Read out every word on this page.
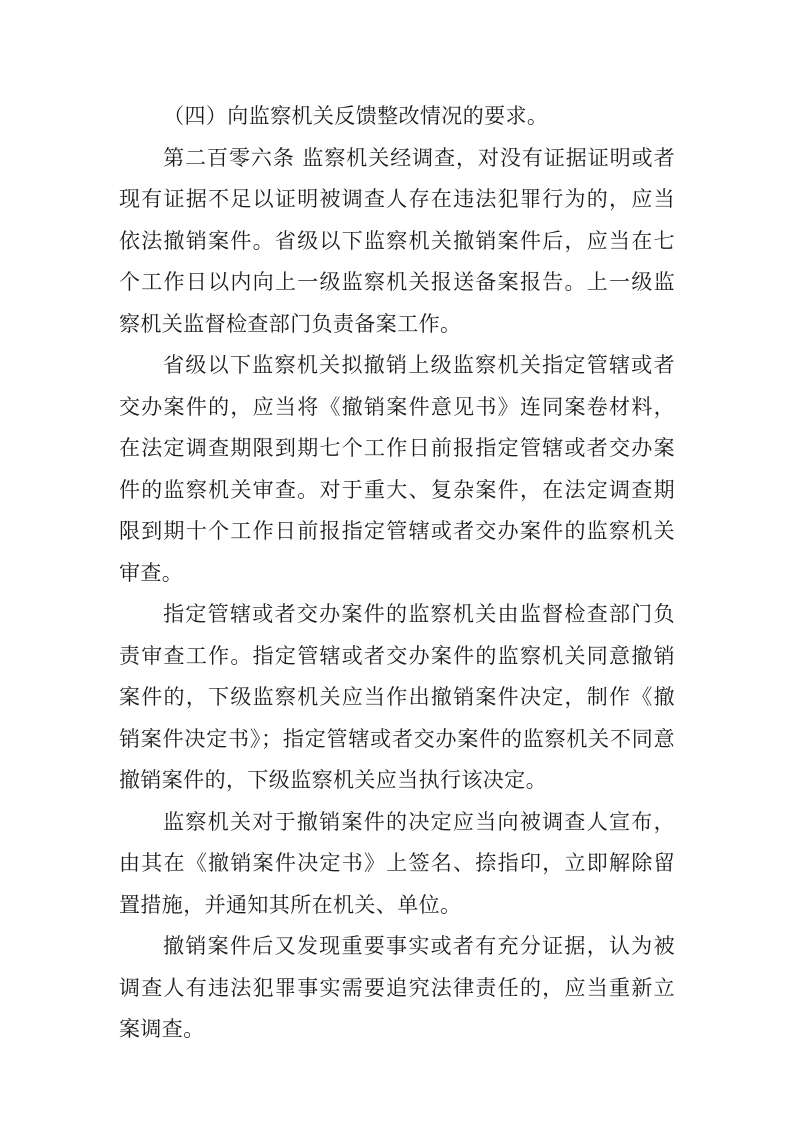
（四）向监察机关反馈整改情况的要求。

第二百零六条 监察机关经调查，对没有证据证明或者现有证据不足以证明被调查人存在违法犯罪行为的，应当依法撤销案件。省级以下监察机关撤销案件后，应当在七个工作日以内向上一级监察机关报送备案报告。上一级监察机关监督检查部门负责备案工作。

省级以下监察机关拟撤销上级监察机关指定管辖或者交办案件的，应当将《撤销案件意见书》连同案卷材料，在法定调查期限到期七个工作日前报指定管辖或者交办案件的监察机关审查。对于重大、复杂案件，在法定调查期限到期十个工作日前报指定管辖或者交办案件的监察机关审查。

指定管辖或者交办案件的监察机关由监督检查部门负责审查工作。指定管辖或者交办案件的监察机关同意撤销案件的，下级监察机关应当作出撤销案件决定，制作《撤销案件决定书》；指定管辖或者交办案件的监察机关不同意撤销案件的，下级监察机关应当执行该决定。

监察机关对于撤销案件的决定应当向被调查人宣布，由其在《撤销案件决定书》上签名、捺指印，立即解除留置措施，并通知其所在机关、单位。

撤销案件后又发现重要事实或者有充分证据，认为被调查人有违法犯罪事实需要追究法律责任的，应当重新立案调查。
